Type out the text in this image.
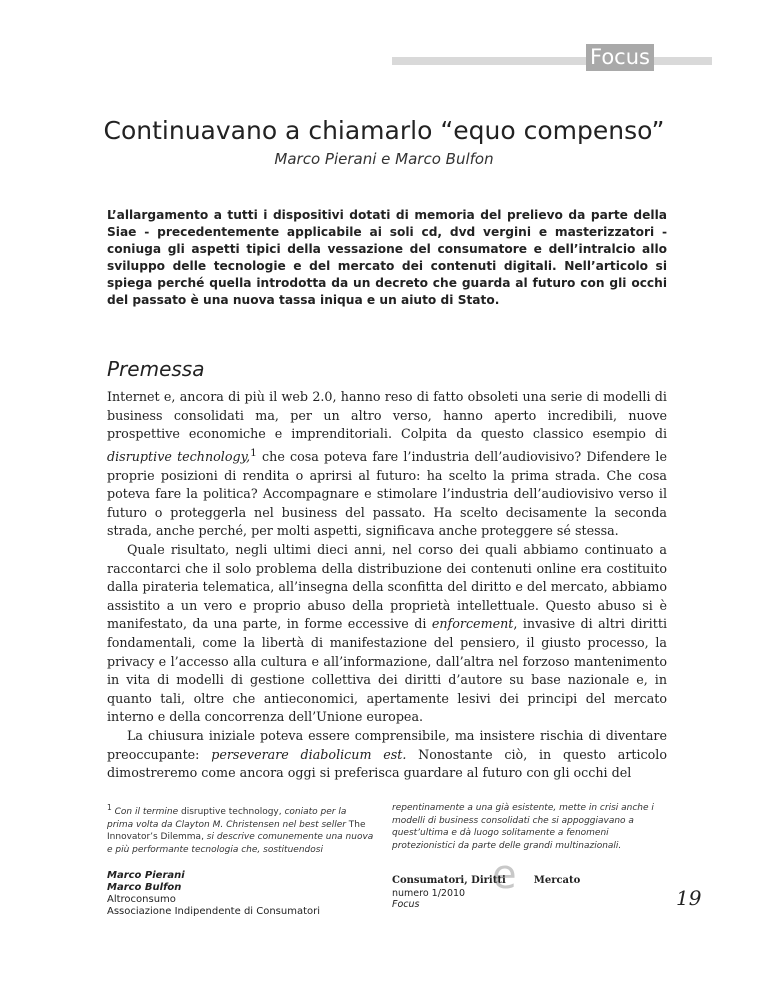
Focus
Continuavano a chiamarlo “equo compenso”
Marco Pierani e Marco Bulfon
L’allargamento a tutti i dispositivi dotati di memoria del prelievo da parte della Siae - precedentemente applicabile ai soli cd, dvd vergini e masterizzatori - coniuga gli aspetti tipici della vessazione del consumatore e dell’intralcio allo sviluppo delle tecnologie e del mercato dei contenuti digitali. Nell’articolo si spiega perché quella introdotta da un decreto che guarda al futuro con gli occhi del passato è una nuova tassa iniqua e un aiuto di Stato.
Premessa

Internet e, ancora di più il web 2.0, hanno reso di fatto obsoleti una serie di modelli di business consolidati ma, per un altro verso, hanno aperto incredibili, nuove prospettive economiche e imprenditoriali. Colpita da questo classico esempio di disruptive technology,$^1$ che cosa poteva fare l’industria dell’audiovisivo? Difendere le proprie posizioni di rendita o aprirsi al futuro: ha scelto la prima strada. Che cosa poteva fare la politica? Accompagnare e stimolare l’industria dell’audiovisivo verso il futuro o proteggerla nel business del passato. Ha scelto decisamente la seconda strada, anche perché, per molti aspetti, significava anche proteggere sé stessa.

Quale risultato, negli ultimi dieci anni, nel corso dei quali abbiamo continuato a raccontarci che il solo problema della distribuzione dei contenuti online era costituito dalla pirateria telematica, all’insegna della sconfitta del diritto e del mercato, abbiamo assistito a un vero e proprio abuso della proprietà intellettuale. Questo abuso si è manifestato, da una parte, in forme eccessive di enforcement, invasive di altri diritti fondamentali, come la libertà di manifestazione del pensiero, il giusto processo, la privacy e l’accesso alla cultura e all’informazione, dall’altra nel forzoso mantenimento in vita di modelli di gestione collettiva dei diritti d’autore su base nazionale e, in quanto tali, oltre che antieconomici, apertamente lesivi dei principi del mercato interno e della concorrenza dell’Unione europea.

La chiusura iniziale poteva essere comprensibile, ma insistere rischia di diventare preoccupante: perseverare diabolicum est. Nonostante ciò, in questo articolo dimostreremo come ancora oggi si preferisca guardare al futuro con gli occhi del

$^1$ Con il termine disruptive technology, coniato per la prima volta da Clayton M. Christensen nel best seller The Innovator’s Dilemma, si descrive comunemente una nuova e più performante tecnologia che, sostituendosi
repentinamente a una già esistente, mette in crisi anche i modelli di business consolidati che si appoggiavano a quest’ultima e dà luogo solitamente a fenomeni protezionistici da parte delle grandi multinazionali.
Marco Pierani
Marco Bulfon
Altroconsumo
Associazione Indipendente di Consumatori
e
Consumatori, Diritti	Mercato
numero 1/2010
Focus	19
